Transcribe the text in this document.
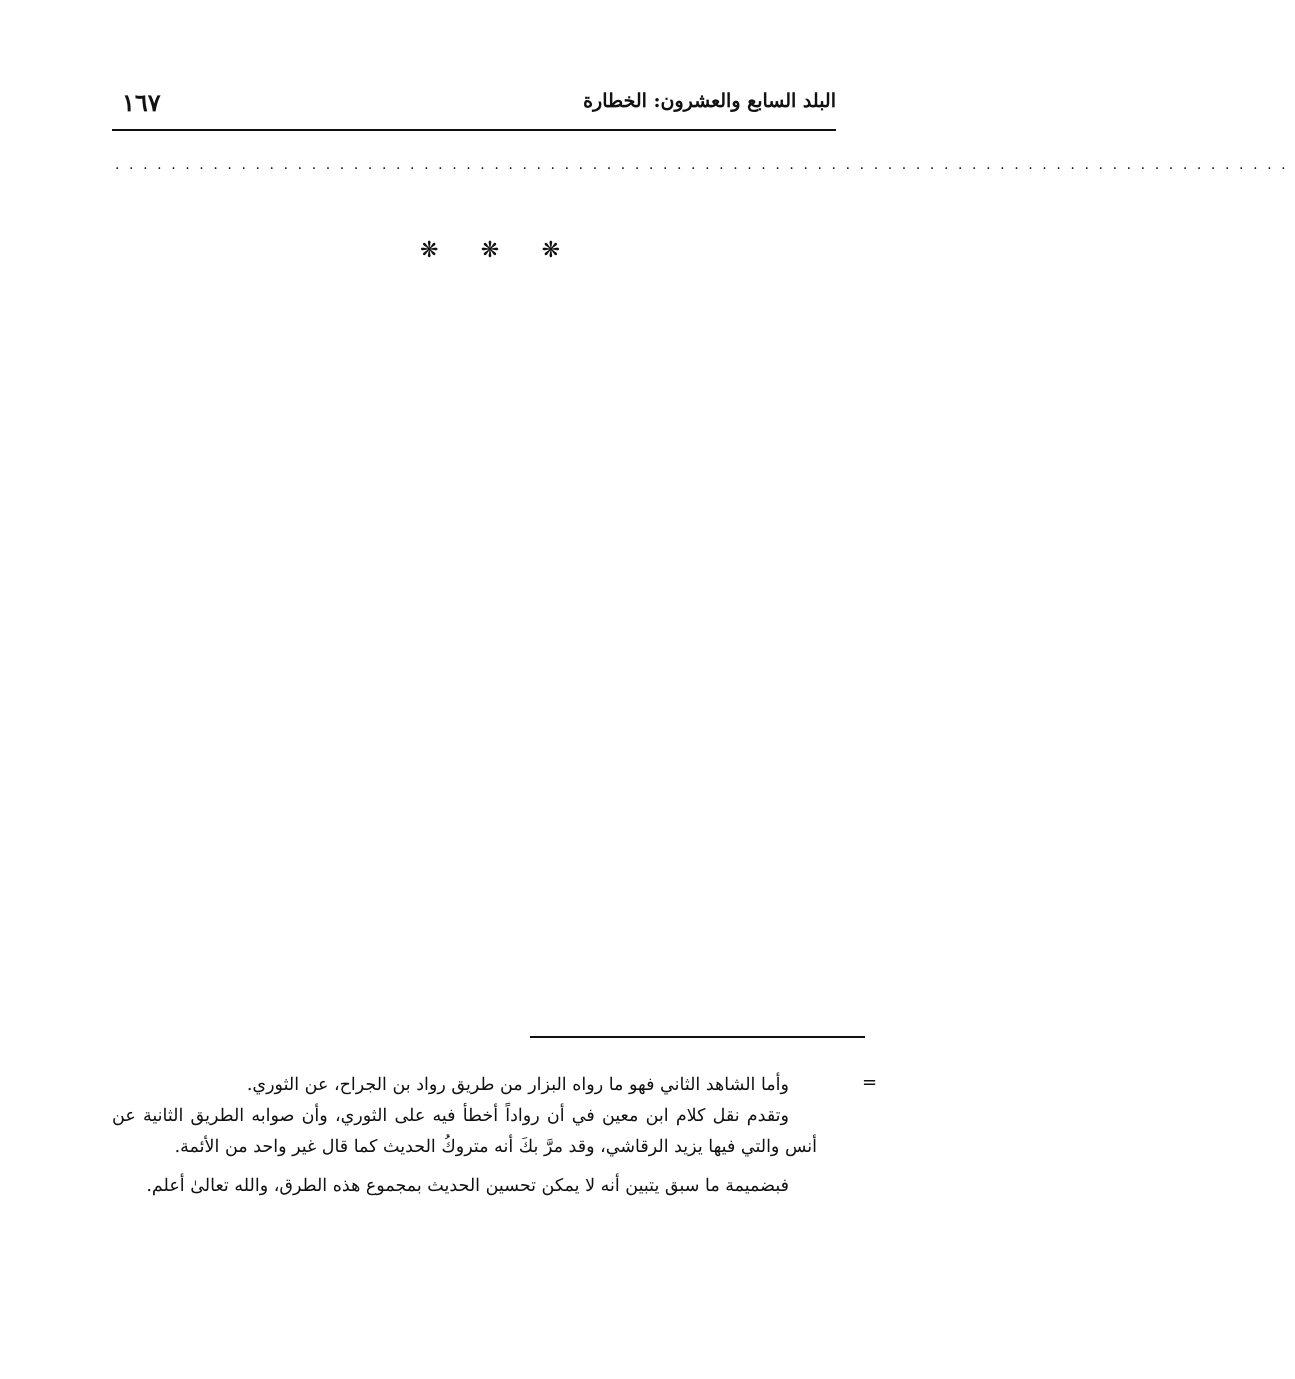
البلد السابع والعشرون: الخطارة
١٦٧
....................................................................................
❋ ❋ ❋
=

وأما الشاهد الثاني فهو ما رواه البزار من طريق رواد بن الجراح، عن الثوري.

وتقدم نقل كلام ابن معين في أن رواداً أخطأ فيه على الثوري، وأن صوابه الطريق الثانية عن أنس والتي فيها يزيد الرقاشي، وقد مرَّ بكَ أنه متروكُ الحديث كما قال غير واحد من الأئمة.

فبضميمة ما سبق يتبين أنه لا يمكن تحسين الحديث بمجموع هذه الطرق، والله تعالىٰ أعلم.
